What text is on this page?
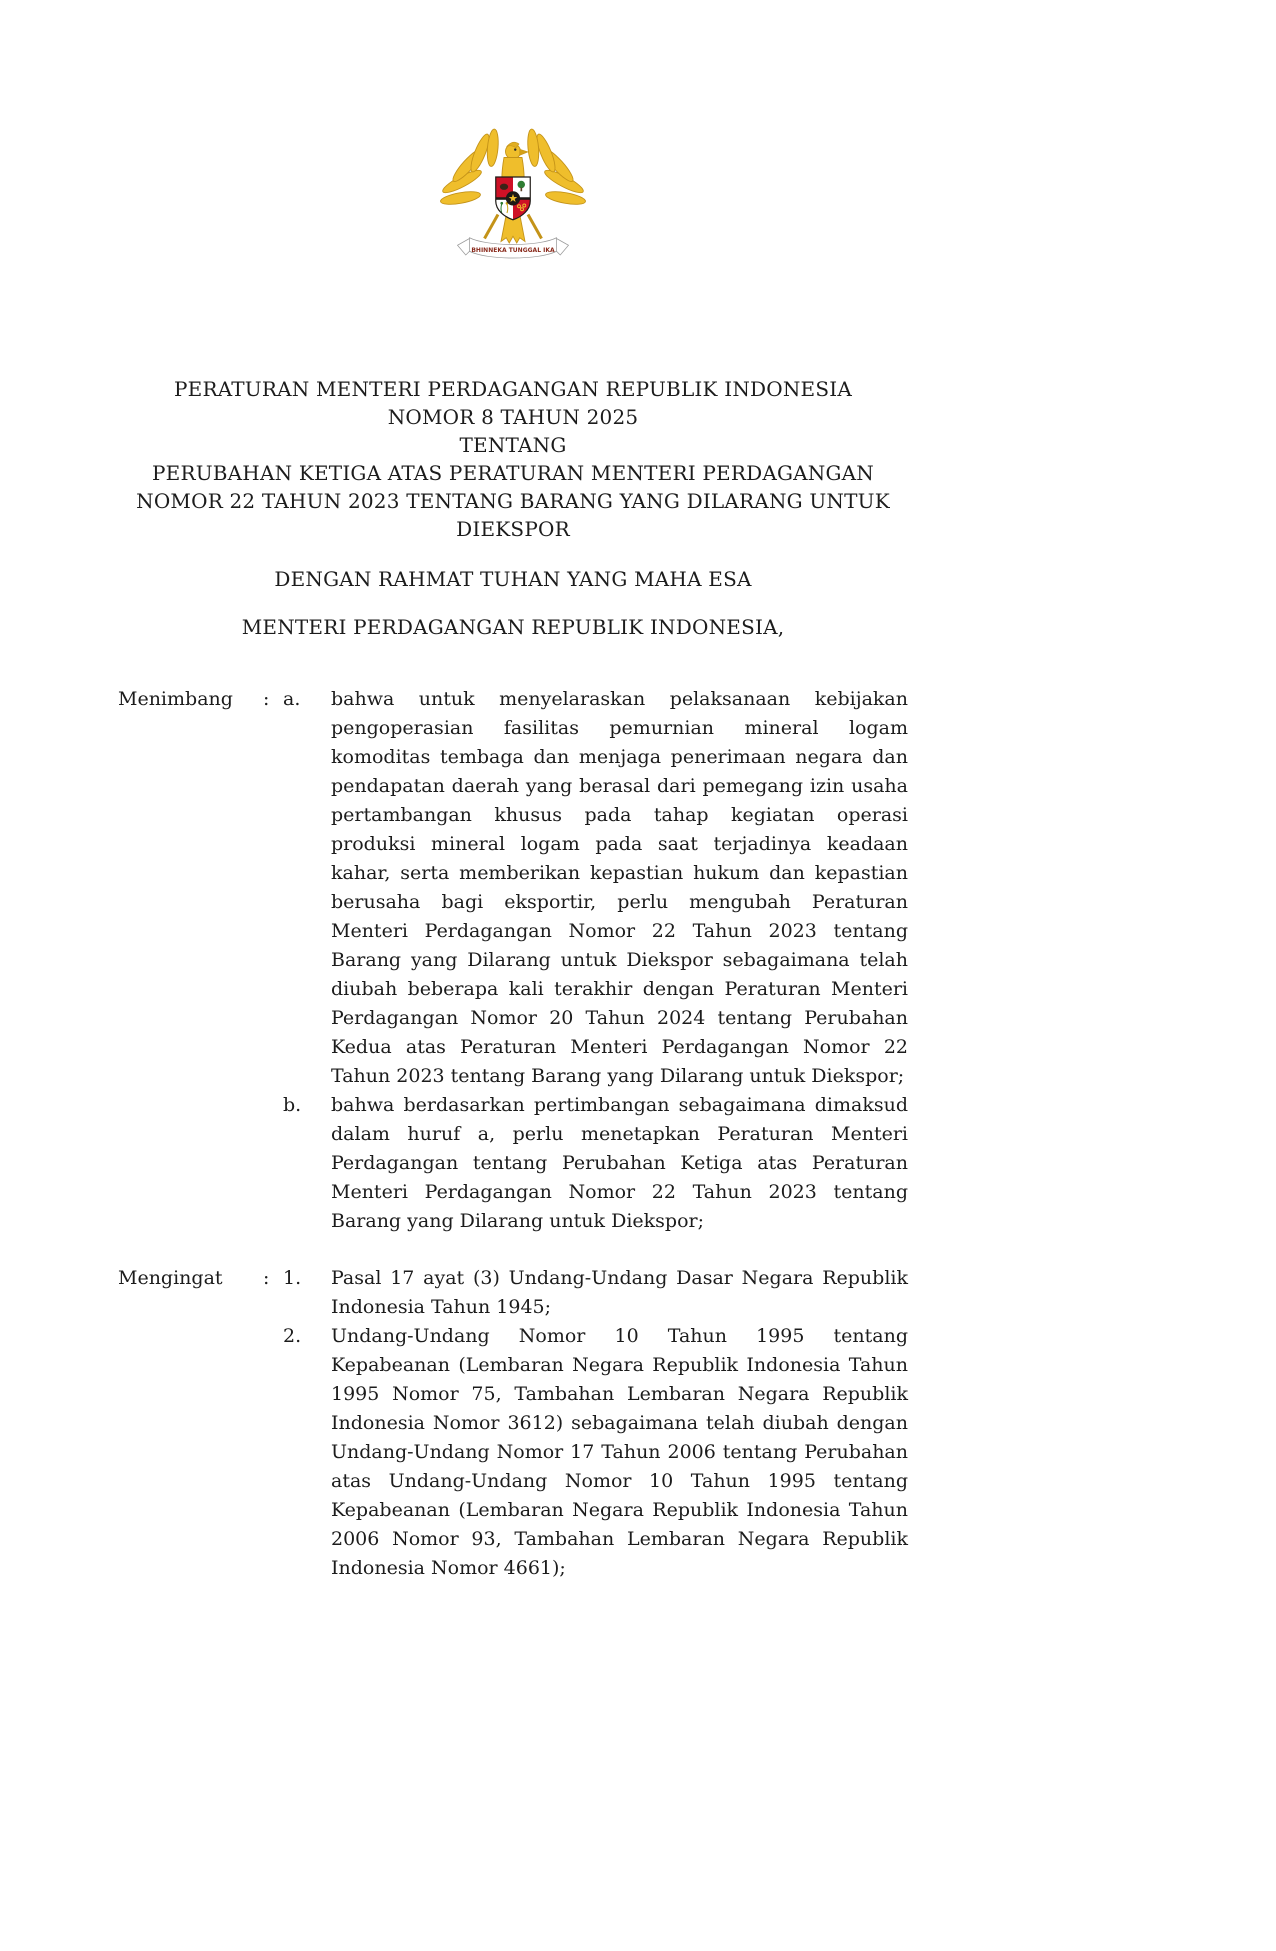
BHINNEKA TUNGGAL IKA
PERATURAN MENTERI PERDAGANGAN REPUBLIK INDONESIA
NOMOR 8 TAHUN 2025
TENTANG
PERUBAHAN KETIGA ATAS PERATURAN MENTERI PERDAGANGAN
NOMOR 22 TAHUN 2023 TENTANG BARANG YANG DILARANG UNTUK
DIEKSPOR
DENGAN RAHMAT TUHAN YANG MAHA ESA
MENTERI PERDAGANGAN REPUBLIK INDONESIA,
Menimbang	: a.	bahwa untuk menyelaraskan pelaksanaan kebijakan pengoperasian fasilitas pemurnian mineral logam komoditas tembaga dan menjaga penerimaan negara dan pendapatan daerah yang berasal dari pemegang izin usaha pertambangan khusus pada tahap kegiatan operasi produksi mineral logam pada saat terjadinya keadaan kahar, serta memberikan kepastian hukum dan kepastian berusaha bagi eksportir, perlu mengubah Peraturan Menteri Perdagangan Nomor 22 Tahun 2023 tentang Barang yang Dilarang untuk Diekspor sebagaimana telah diubah beberapa kali terakhir dengan Peraturan Menteri Perdagangan Nomor 20 Tahun 2024 tentang Perubahan Kedua atas Peraturan Menteri Perdagangan Nomor 22 Tahun 2023 tentang Barang yang Dilarang untuk Diekspor;
b.	bahwa berdasarkan pertimbangan sebagaimana dimaksud dalam huruf a, perlu menetapkan Peraturan Menteri Perdagangan tentang Perubahan Ketiga atas Peraturan Menteri Perdagangan Nomor 22 Tahun 2023 tentang Barang yang Dilarang untuk Diekspor;
Mengingat	: 1.	Pasal 17 ayat (3) Undang-Undang Dasar Negara Republik Indonesia Tahun 1945;
2.	Undang-Undang Nomor 10 Tahun 1995 tentang Kepabeanan (Lembaran Negara Republik Indonesia Tahun 1995 Nomor 75, Tambahan Lembaran Negara Republik Indonesia Nomor 3612) sebagaimana telah diubah dengan Undang-Undang Nomor 17 Tahun 2006 tentang Perubahan atas Undang-Undang Nomor 10 Tahun 1995 tentang Kepabeanan (Lembaran Negara Republik Indonesia Tahun 2006 Nomor 93, Tambahan Lembaran Negara Republik Indonesia Nomor 4661);
